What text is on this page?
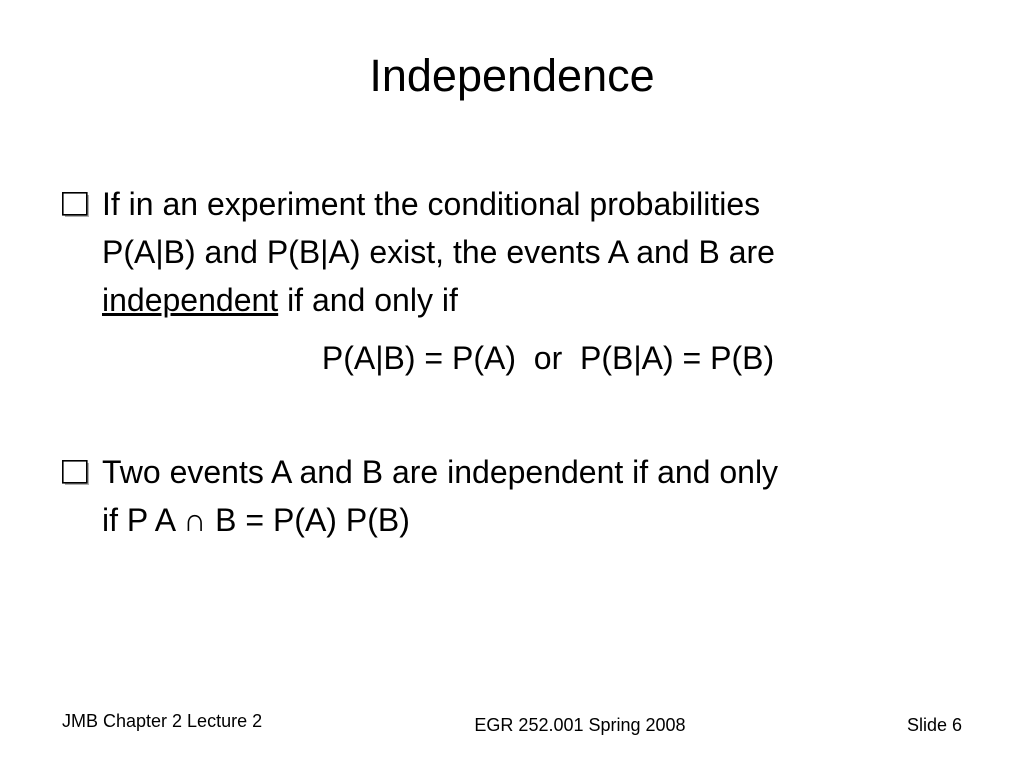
Independence
If in an experiment the conditional probabilities
P(A|B) and P(B|A) exist, the events A and B are
independent if and only if
P(A|B) = P(A)  or  P(B|A) = P(B)
Two events A and B are independent if and only
if P A ∩ B = P(A) P(B)
JMB Chapter 2 Lecture 2	EGR 252.001 Spring 2008	Slide 6
